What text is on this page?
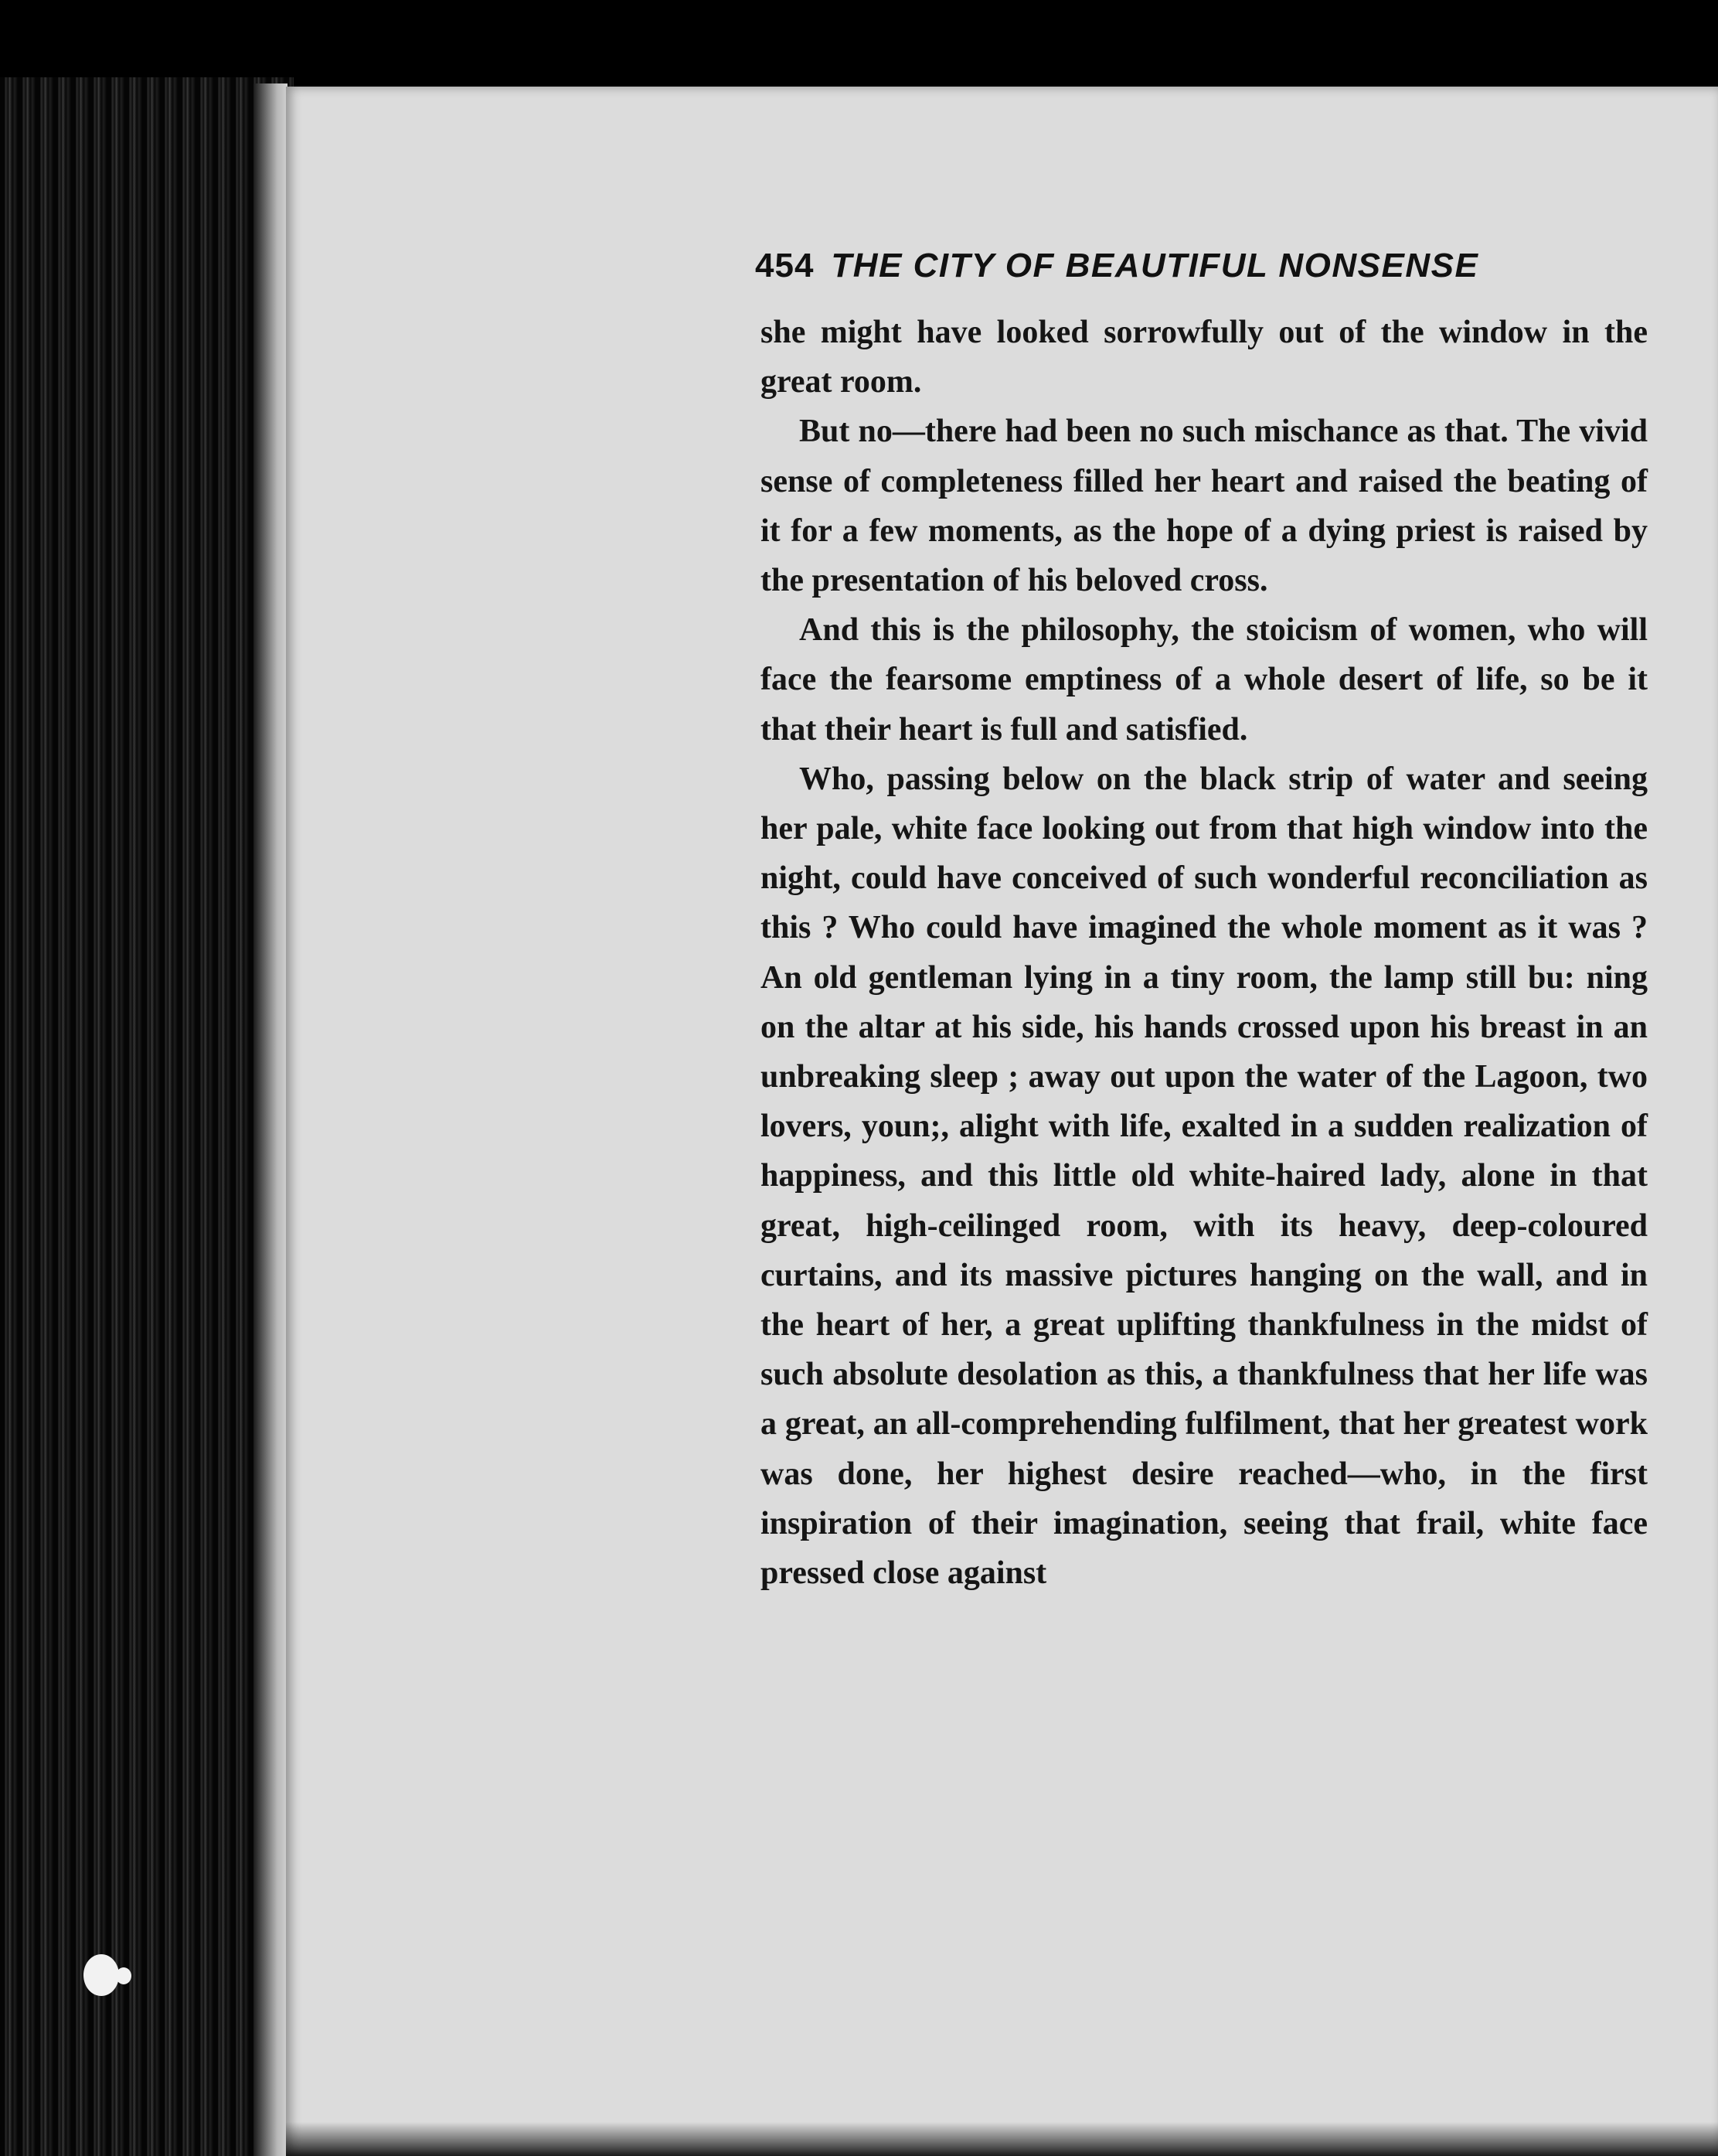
454 THE CITY OF BEAUTIFUL NONSENSE

she might have looked sorrowfully out of the window in the great room.

But no—there had been no such mischance as that. The vivid sense of completeness filled her heart and raised the beating of it for a few moments, as the hope of a dying priest is raised by the presentation of his beloved cross.

And this is the philosophy, the stoicism of women, who will face the fearsome emptiness of a whole desert of life, so be it that their heart is full and satisfied.

Who, passing below on the black strip of water and seeing her pale, white face looking out from that high window into the night, could have conceived of such wonderful reconciliation as this ? Who could have imagined the whole moment as it was ? An old gentleman lying in a tiny room, the lamp still bu: ning on the altar at his side, his hands crossed upon his breast in an unbreaking sleep ; away out upon the water of the Lagoon, two lovers, youn;, alight with life, exalted in a sudden realization of happiness, and this little old white-haired lady, alone in that great, high-ceilinged room, with its heavy, deep-coloured curtains, and its massive pictures hanging on the wall, and in the heart of her, a great uplifting thankfulness in the midst of such absolute desolation as this, a thankfulness that her life was a great, an all-comprehending fulfilment, that her greatest work was done, her highest desire reached—who, in the first inspiration of their imagination, seeing that frail, white face pressed close against
